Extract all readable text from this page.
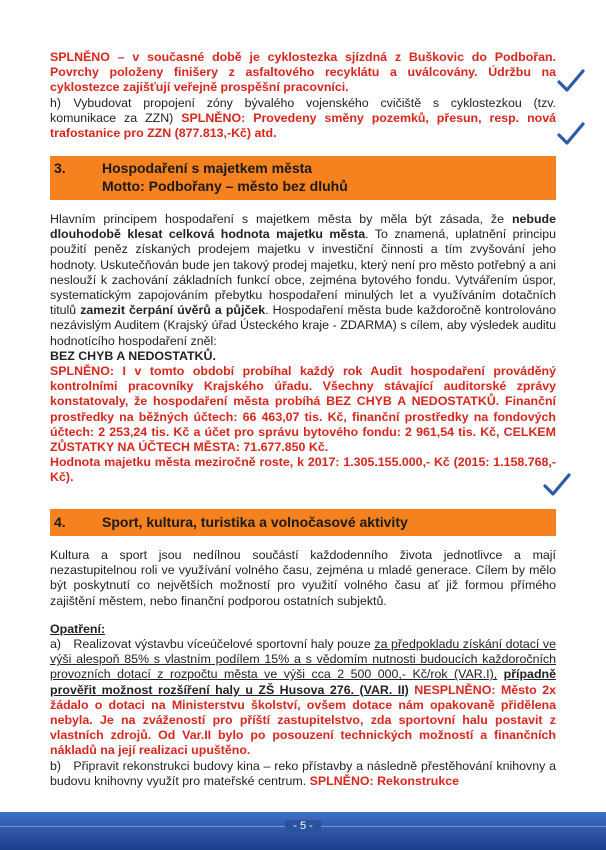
SPLNĚNO – v současné době je cyklostezka sjízdná z Buškovic do Podbořan. Povrchy položeny finišery z asfaltového recyklátu a uválcovány. Údržbu na cyklostezce zajišťují veřejně prospěšní pracovníci.

h) Vybudovat propojení zóny bývalého vojenského cvičiště s cyklostezkou (tzv. komunikace za ZZN) SPLNĚNO: Provedeny směny pozemků, přesun, resp. nová trafostanice pro ZZN (877.813,-Kč) atd.

3.	Hospodaření s majetkem města
Motto: Podbořany – město bez dluhů

Hlavním principem hospodaření s majetkem města by měla být zásada, že nebude dlouhodobě klesat celková hodnota majetku města. To znamená, uplatnění principu použití peněz získaných prodejem majetku v investiční činnosti a tím zvyšování jeho hodnoty. Uskutečňován bude jen takový prodej majetku, který není pro město potřebný a ani neslouží k zachování základních funkcí obce, zejména bytového fondu. Vytvářením úspor, systematickým zapojováním přebytku hospodaření minulých let a využíváním dotačních titulů zamezit čerpání úvěrů a půjček. Hospodaření města bude každoročně kontrolováno nezávislým Auditem (Krajský úřad Ústeckého kraje - ZDARMA) s cílem, aby výsledek auditu hodnotícího hospodaření zněl:

BEZ CHYB A NEDOSTATKŮ.

SPLNĚNO: I v tomto období probíhal každý rok Audit hospodaření prováděný kontrolními pracovníky Krajského úřadu. Všechny stávající auditorské zprávy konstatovaly, že hospodaření města probíhá BEZ CHYB A NEDOSTATKŮ. Finanční prostředky na běžných účtech: 66 463,07 tis. Kč, finanční prostředky na fondových účtech: 2 253,24 tis. Kč a účet pro správu bytového fondu: 2 961,54 tis. Kč, CELKEM ZŮSTATKY NA ÚČTECH MĚSTA: 71.677.850 Kč.

Hodnota majetku města meziročně roste, k 2017: 1.305.155.000,- Kč (2015: 1.158.768,-Kč).

4.	Sport, kultura, turistika a volnočasové aktivity

Kultura a sport jsou nedílnou součástí každodenního života jednotlivce a mají nezastupitelnou roli ve využívání volného času, zejména u mladé generace. Cílem by mělo být poskytnutí co největších možností pro využití volného času ať již formou přímého zajištění městem, nebo finanční podporou ostatních subjektů.

Opatření:

a) Realizovat výstavbu víceúčelové sportovní haly pouze za předpokladu získání dotací ve výši alespoň 85% s vlastním podílem 15% a s vědomím nutnosti budoucích každoročních provozních dotací z rozpočtu města ve výši cca 2 500 000,- Kč/rok (VAR.I), případně prověřit možnost rozšíření haly u ZŠ Husova 276. (VAR. II) NESPLNĚNO: Město 2x žádalo o dotaci na Ministerstvu školství, ovšem dotace nám opakovaně přidělena nebyla. Je na zvážeností pro příští zastupitelstvo, zda sportovní halu postavit z vlastních zdrojů. Od Var.II bylo po posouzení technických možností a finančních nákladů na její realizaci upuštěno.

b) Připravit rekonstrukci budovy kina – reko přístavby a následně přestěhování knihovny a budovu knihovny využít pro mateřské centrum. SPLNĚNO: Rekonstrukce

- 5 -
